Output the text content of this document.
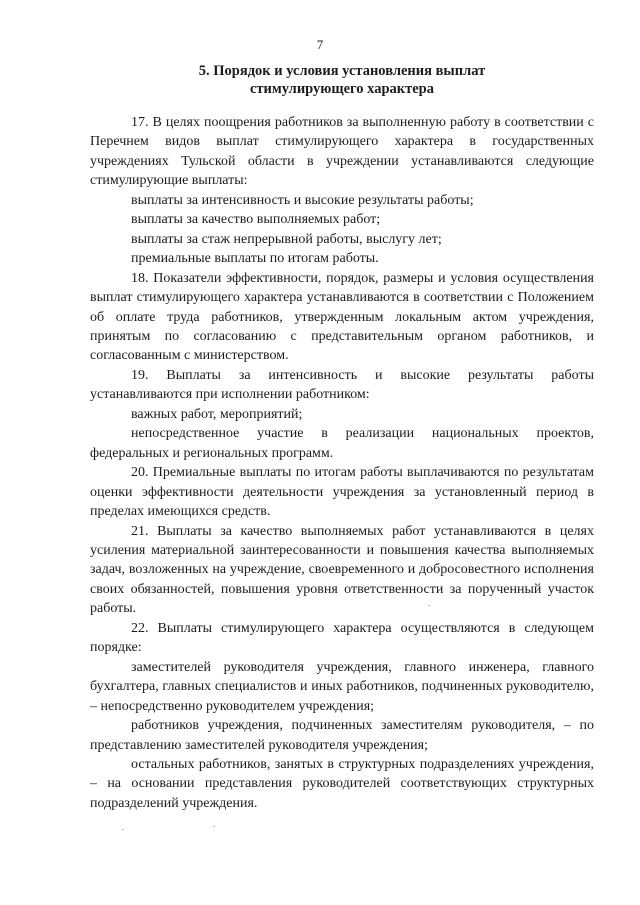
7
5. Порядок и условия установления выплат
стимулирующего характера

17. В целях поощрения работников за выполненную работу в соответствии с Перечнем видов выплат стимулирующего характера в государственных учреждениях Тульской области в учреждении устанавливаются следующие стимулирующие выплаты:

выплаты за интенсивность и высокие результаты работы;

выплаты за качество выполняемых работ;

выплаты за стаж непрерывной работы, выслугу лет;

премиальные выплаты по итогам работы.

18. Показатели эффективности, порядок, размеры и условия осуществления выплат стимулирующего характера устанавливаются в соответствии с Положением об оплате труда работников, утвержденным локальным актом учреждения, принятым по согласованию с представительным органом работников, и согласованным с министерством.

19. Выплаты за интенсивность и высокие результаты работы устанавливаются при исполнении работником:

важных работ, мероприятий;

непосредственное участие в реализации национальных проектов, федеральных и региональных программ.

20. Премиальные выплаты по итогам работы выплачиваются по результатам оценки эффективности деятельности учреждения за установленный период в пределах имеющихся средств.

21. Выплаты за качество выполняемых работ устанавливаются в целях усиления материальной заинтересованности и повышения качества выполняемых задач, возложенных на учреждение, своевременного и добросовестного исполнения своих обязанностей, повышения уровня ответственности за порученный участок работы.

22. Выплаты стимулирующего характера осуществляются в следующем порядке:

заместителей руководителя учреждения, главного инженера, главного бухгалтера, главных специалистов и иных работников, подчиненных руководителю, – непосредственно руководителем учреждения;

работников учреждения, подчиненных заместителям руководителя, – по представлению заместителей руководителя учреждения;

остальных работников, занятых в структурных подразделениях учреждения, – на основании представления руководителей соответствующих структурных подразделений учреждения.
